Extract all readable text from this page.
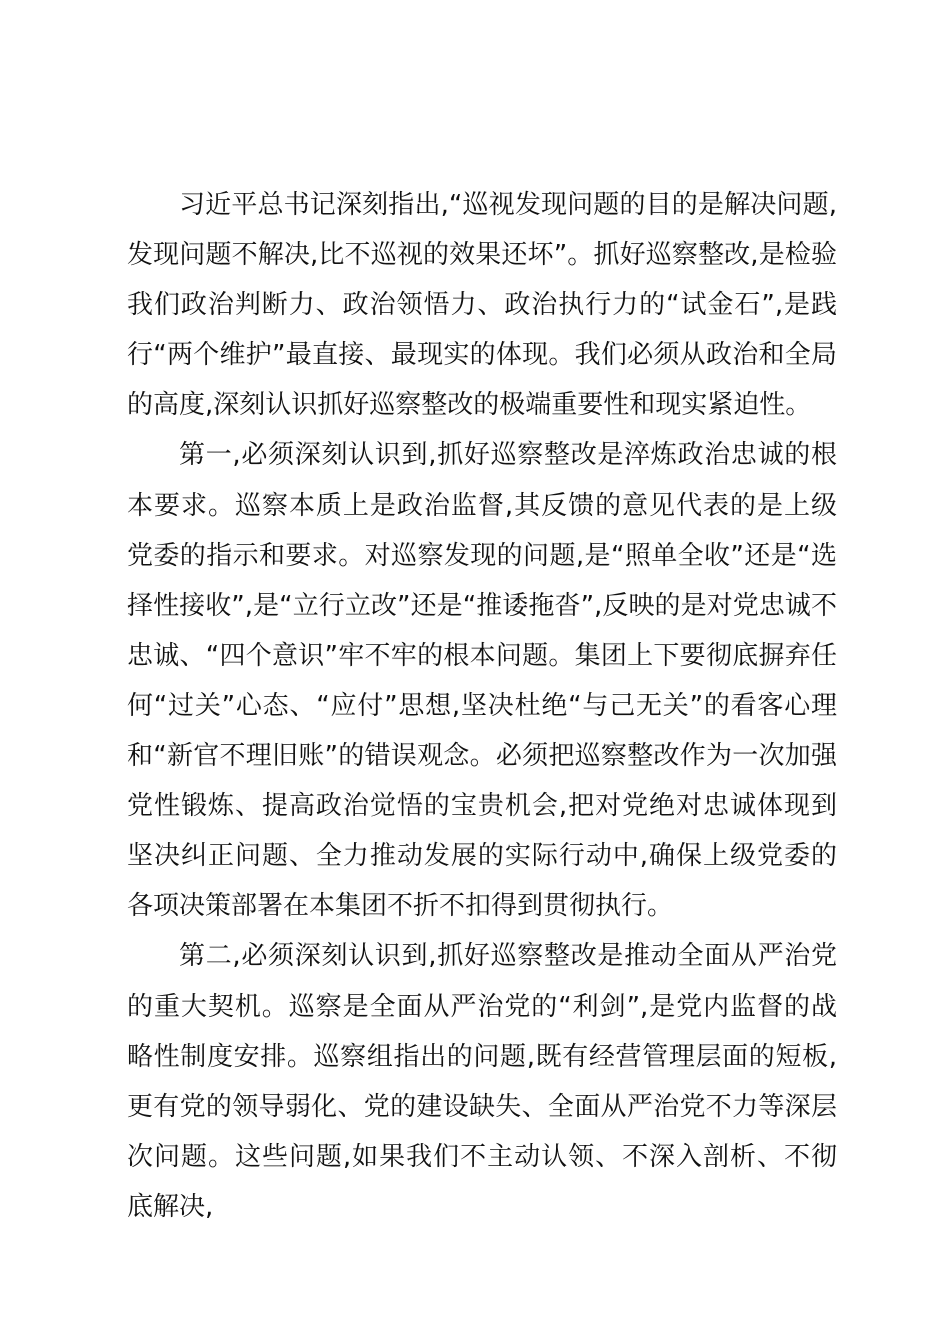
习近平总书记深刻指出,“巡视发现问题的目的是解决问题,发现问题不解决,比不巡视的效果还坏”。抓好巡察整改,是检验我们政治判断力、政治领悟力、政治执行力的“试金石”,是践行“两个维护”最直接、最现实的体现。我们必须从政治和全局的高度,深刻认识抓好巡察整改的极端重要性和现实紧迫性。

第一,必须深刻认识到,抓好巡察整改是淬炼政治忠诚的根本要求。巡察本质上是政治监督,其反馈的意见代表的是上级党委的指示和要求。对巡察发现的问题,是“照单全收”还是“选择性接收”,是“立行立改”还是“推诿拖沓”,反映的是对党忠诚不忠诚、“四个意识”牢不牢的根本问题。集团上下要彻底摒弃任何“过关”心态、“应付”思想,坚决杜绝“与己无关”的看客心理和“新官不理旧账”的错误观念。必须把巡察整改作为一次加强党性锻炼、提高政治觉悟的宝贵机会,把对党绝对忠诚体现到坚决纠正问题、全力推动发展的实际行动中,确保上级党委的各项决策部署在本集团不折不扣得到贯彻执行。

第二,必须深刻认识到,抓好巡察整改是推动全面从严治党的重大契机。巡察是全面从严治党的“利剑”,是党内监督的战略性制度安排。巡察组指出的问题,既有经营管理层面的短板,更有党的领导弱化、党的建设缺失、全面从严治党不力等深层次问题。这些问题,如果我们不主动认领、不深入剖析、不彻底解决,
